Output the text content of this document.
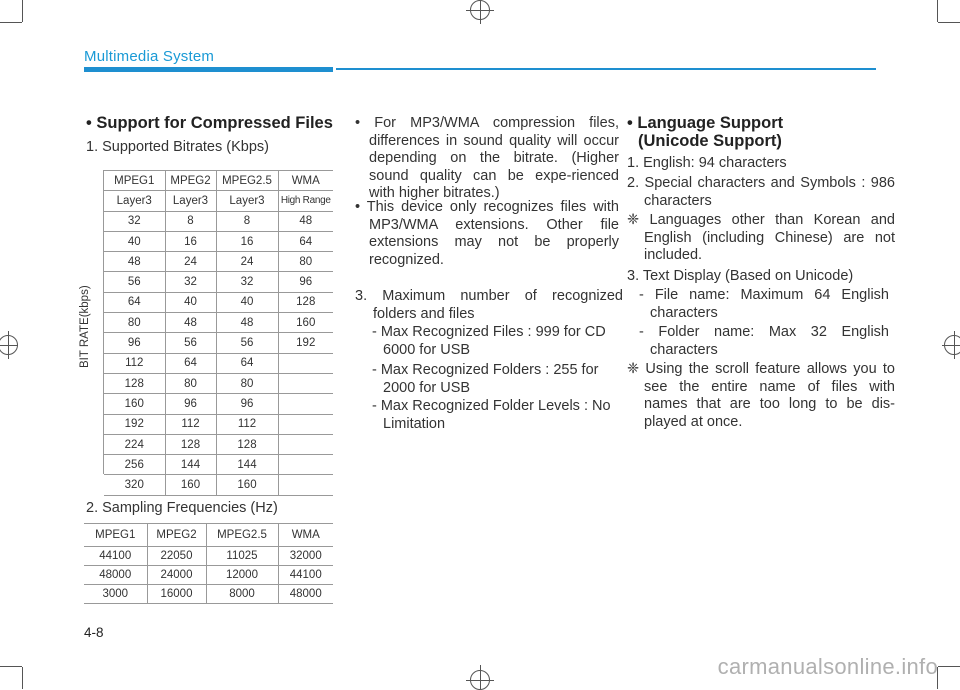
Multimedia System
• Support for Compressed Files
1. Supported Bitrates (Kbps)
BIT RATE(kbps)
MPEG1	MPEG2	MPEG2.5	WMA
Layer3	Layer3	Layer3	High Range
32	8	8	48
40	16	16	64
48	24	24	80
56	32	32	96
64	40	40	128
80	48	48	160
96	56	56	192
112	64	64	
128	80	80	
160	96	96	
192	112	112	
224	128	128	
256	144	144	
320	160	160	
2. Sampling Frequencies (Hz)
MPEG1	MPEG2	MPEG2.5	WMA
44100	22050	11025	32000
48000	24000	12000	44100
3000	16000	8000	48000
• For MP3/WMA compression files, differences in sound quality will occur depending on the bitrate. (Higher sound quality can be expe-rienced with higher bitrates.)
• This device only recognizes files with MP3/WMA extensions. Other file extensions may not be properly recognized.
3. Maximum number of recognized folders and files
- Max Recognized Files : 999 for CD 6000 for USB
- Max Recognized Folders : 255 for 2000 for USB
- Max Recognized Folder Levels : No Limitation
• Language Support
(Unicode Support)
1. English: 94 characters
2. Special characters and Symbols : 986 characters
❈ Languages other than Korean and English (including Chinese) are not included.
3. Text Display (Based on Unicode)
- File name: Maximum 64 English characters
- Folder name: Max 32 English characters
❈ Using the scroll feature allows you to see the entire name of files with names that are too long to be dis-played at once.
4-8
carmanualsonline.info
